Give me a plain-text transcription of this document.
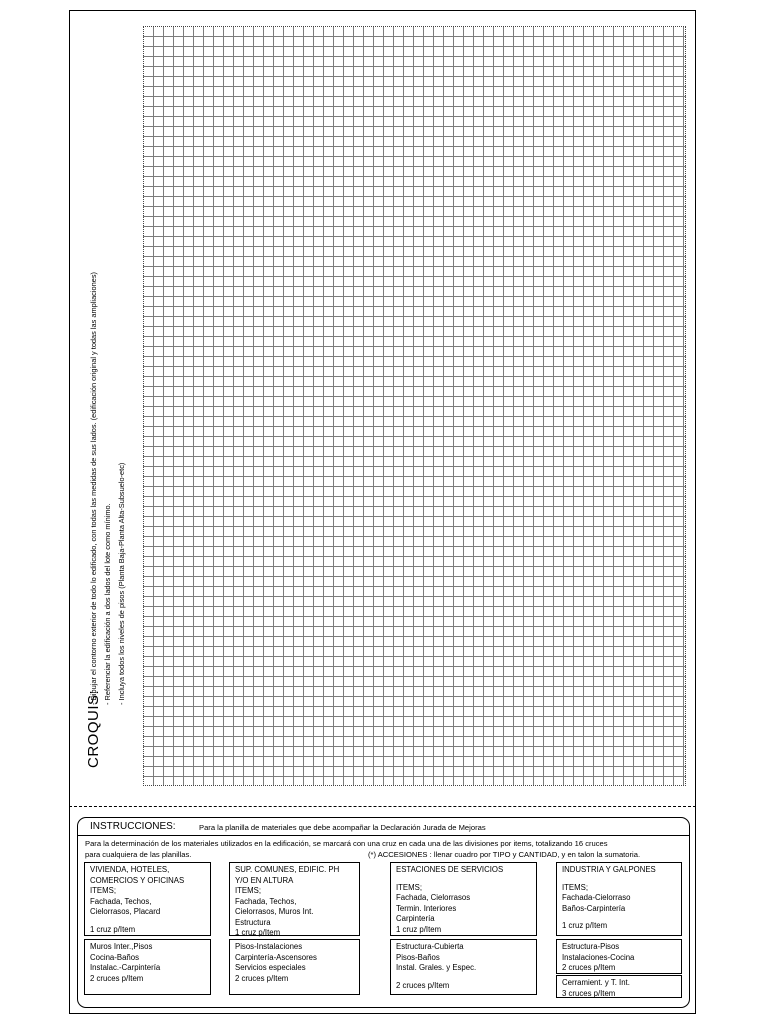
CROQUIS:
- Dibujar el contorno exterior de todo lo edificado, con todas las medidas de sus lados. (edificación original y todas las ampliaciones) - Referenciar la edificación a dos lados del lote como mínimo. - Incluya todos los niveles de pisos (Planta Baja-Planta Alta-Subsuelo-etc)
INSTRUCCIONES:	Para la planilla de materiales que debe acompañar la Declaración Jurada de Mejoras
Para la determinación de los materiales utilizados en la edificación, se marcará con una cruz en cada una de las divisiones por items, totalizando 16 cruces
para cualquiera de las planillas.	(*) ACCESIONES : llenar cuadro por TIPO y CANTIDAD, y en talon la sumatoria.
VIVIENDA, HOTELES,
COMERCIOS Y OFICINAS
ITEMS;
Fachada, Techos,
Cielorrasos, Placard
1 cruz p/Item
Muros Inter.,Pisos
Cocina-Baños
Instalac.-Carpintería
2 cruces p/Item
SUP. COMUNES, EDIFIC. PH
Y/O EN ALTURA
ITEMS;
Fachada, Techos,
Cielorrasos, Muros Int.
Estructura
1 cruz p/Item
Pisos-Instalaciones
Carpintería-Ascensores
Servicios especiales
2 cruces p/Item
ESTACIONES DE SERVICIOS
ITEMS;
Fachada, Cielorrasos
Termin. Interiores
Carpintería
1 cruz p/Item
Estructura-Cubierta
Pisos-Baños
Instal. Grales. y Espec.
2 cruces p/Item
INDUSTRIA Y GALPONES
ITEMS;
Fachada-Cielorraso
Baños-Carpintería
1 cruz p/Item
Estructura-Pisos
Instalaciones-Cocina
2 cruces p/Item
Cerramient. y T. Int.
3 cruces p/Item
